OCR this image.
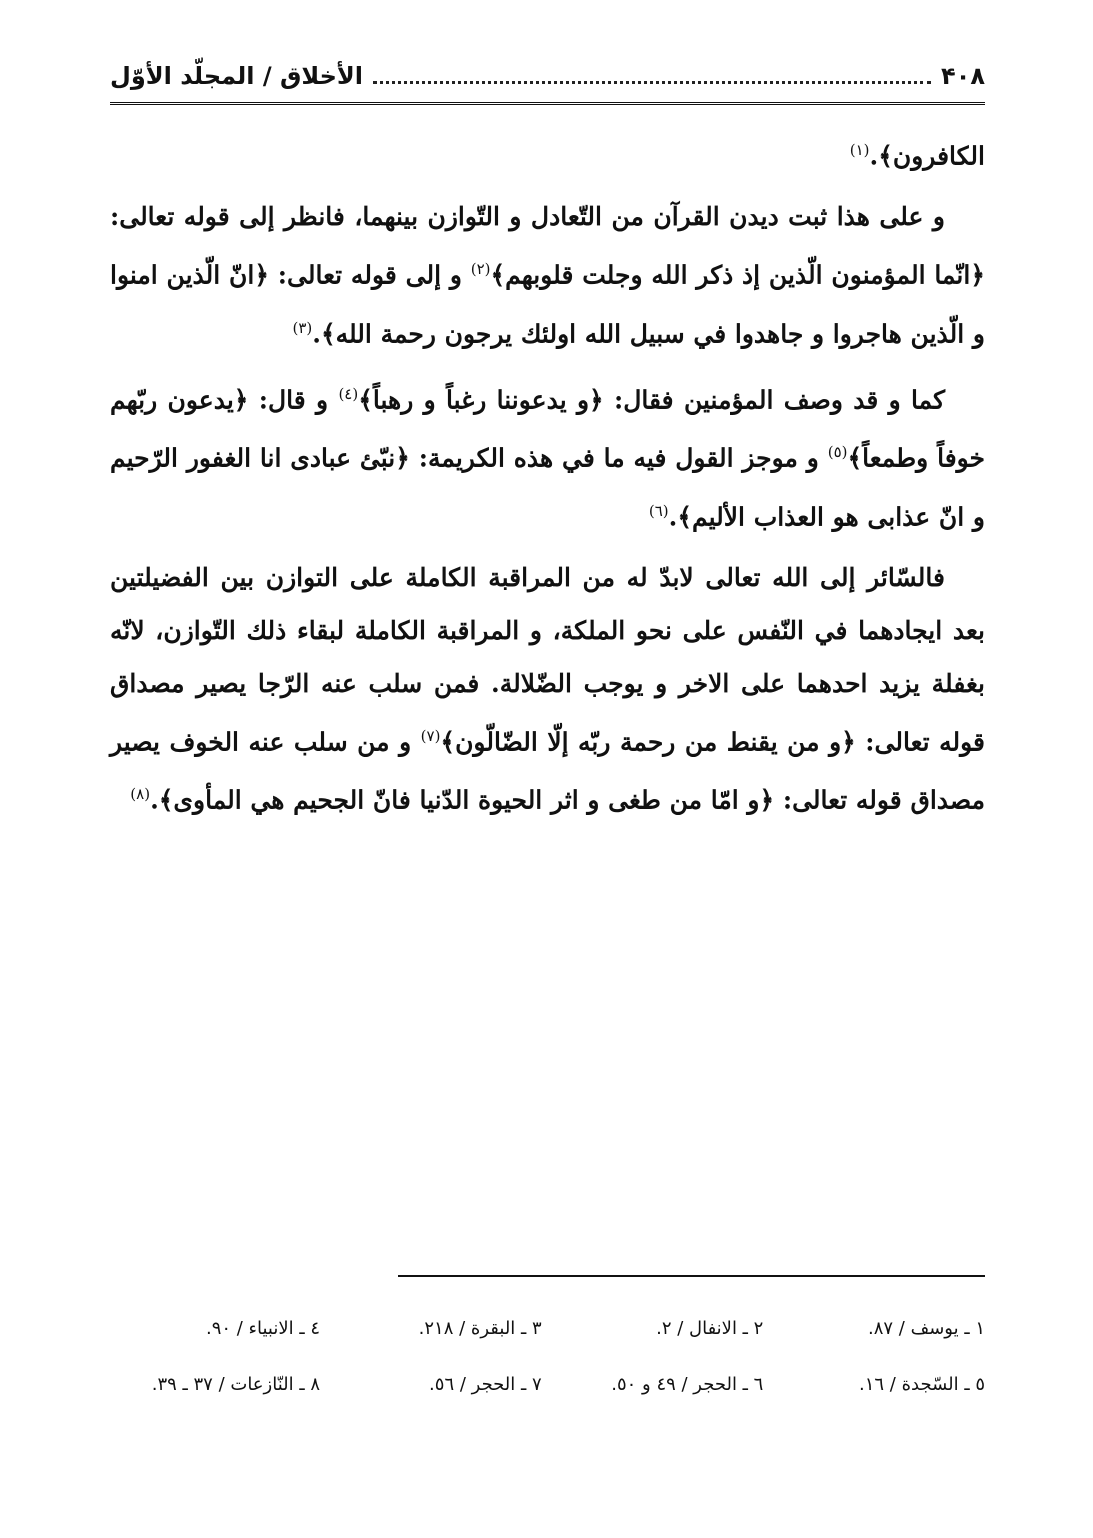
۴۰۸
الأخلاق / المجلّد الأوّل

الكافرون﴾.$^{(١)}$

و على هذا ثبت ديدن القرآن من التّعادل و التّوازن بينهما، فانظر إلى قوله تعالى: ﴿انّما المؤمنون الّذين إذ ذكر الله وجلت قلوبهم﴾$^{(٢)}$ و إلى قوله تعالى: ﴿انّ الّذين امنوا و الّذين هاجروا و جاهدوا في سبيل الله اولئك يرجون رحمة الله﴾.$^{(٣)}$

كما و قد وصف المؤمنين فقال: ﴿و يدعوننا رغباً و رهباً﴾$^{(٤)}$ و قال: ﴿يدعون ربّهم خوفاً وطمعاً﴾$^{(٥)}$ و موجز القول فيه ما في هذه الكريمة: ﴿نبّئ عبادى انا الغفور الرّحيم و انّ عذابى هو العذاب الأليم﴾.$^{(٦)}$

فالسّائر إلى الله تعالى لابدّ له من المراقبة الكاملة على التوازن بين الفضيلتين بعد ايجادهما في النّفس على نحو الملكة، و المراقبة الكاملة لبقاء ذلك التّوازن، لانّه بغفلة يزيد احدهما على الاخر و يوجب الضّلالة. فمن سلب عنه الرّجا يصير مصداق قوله تعالى: ﴿و من يقنط من رحمة ربّه إلّا الضّالّون﴾$^{(٧)}$ و من سلب عنه الخوف يصير مصداق قوله تعالى: ﴿و امّا من طغى و اثر الحيوة الدّنيا فانّ الجحيم هي المأوى﴾.$^{(٨)}$

١ ـ يوسف / ٨٧.
٢ ـ الانفال / ٢.
٣ ـ البقرة / ٢١٨.
٤ ـ الانبياء / ٩٠.
٥ ـ السّجدة / ١٦.
٦ ـ الحجر / ٤٩ و ٥٠.
٧ ـ الحجر / ٥٦.
٨ ـ النّازعات / ٣٧ ـ ٣٩.
